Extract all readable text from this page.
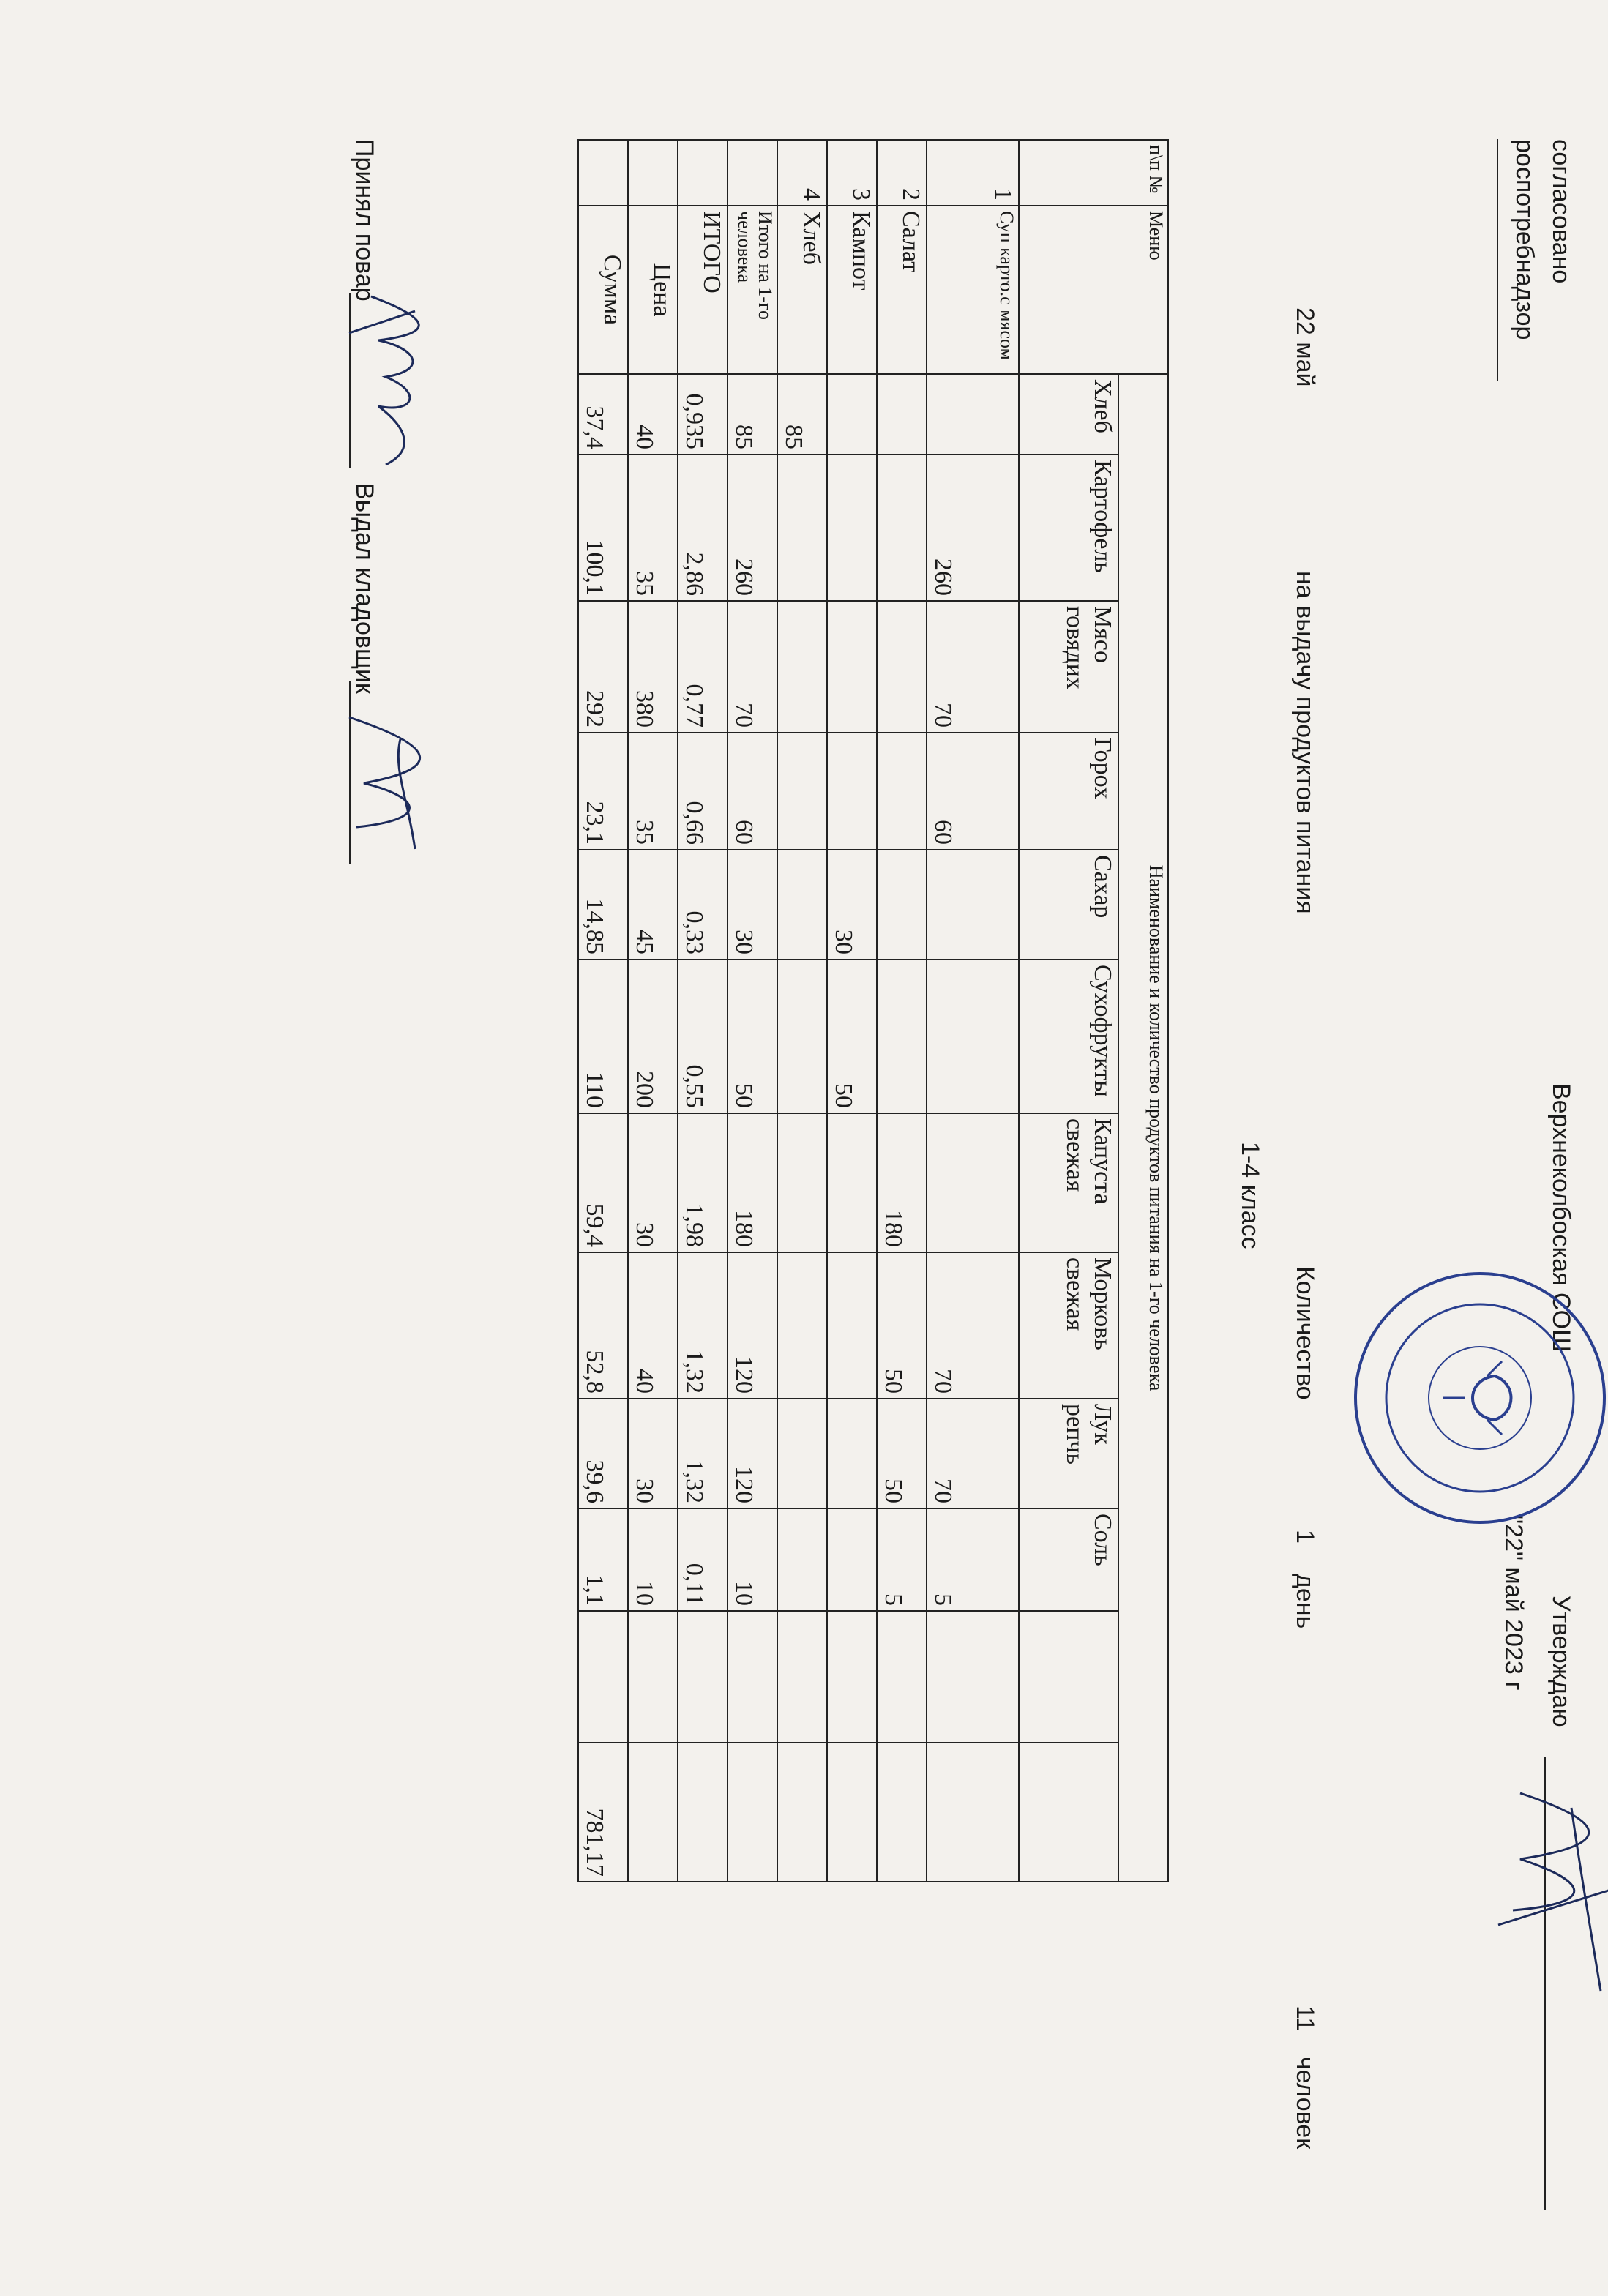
согласовано
роспотребнадзор
Верхнеколбоская СОШ
Утверждаю
"22" май 2023 г
22 май
на выдачу продуктов питания
Количество
1
день
11
человек
1-4 класс
п\п №	Меню	Наименование и количество продуктов питания на 1-го человека											
		Хлеб	Картофель	Мясо говядих	Горох	Сахар	Сухофрукты	Капуста свежая	Морковь свежая	Лук репчь	Соль		
1	Суп карто.с мясом		260	70	60				70	70	5		
2	Салат							180	50	50	5		
3	Кампот					30	50						
4	Хлеб	85											
	Итого на 1-го человека	85	260	70	60	30	50	180	120	120	10		
	ИТОГО	0,935	2,86	0,77	0,66	0,33	0,55	1,98	1,32	1,32	0,11		
	Цена	40	35	380	35	45	200	30	40	30	10		
	Сумма	37,4	100,1	292	23,1	14,85	110	59,4	52,8	39,6	1,1		781,17
Принял повар
Выдал кладовщик
